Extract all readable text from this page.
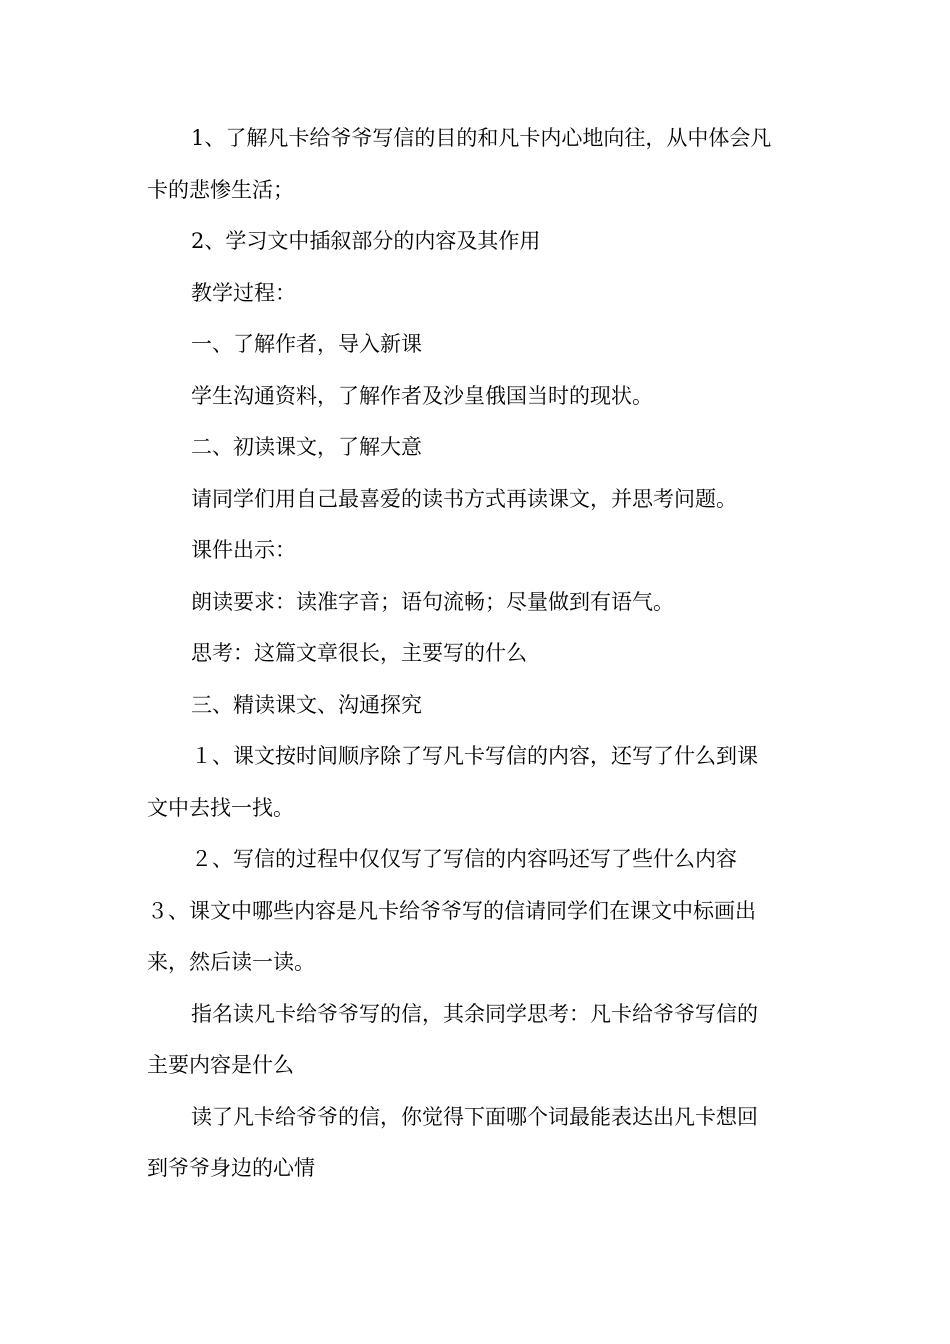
1、了解凡卡给爷爷写信的目的和凡卡内心地向往，从中体会凡

卡的悲惨生活；

2、学习文中插叙部分的内容及其作用

教学过程：

一、了解作者，导入新课

学生沟通资料，了解作者及沙皇俄国当时的现状。

二、初读课文，了解大意

请同学们用自己最喜爱的读书方式再读课文，并思考问题。

课件出示：

朗读要求：读准字音；语句流畅；尽量做到有语气。

思考：这篇文章很长，主要写的什么

三、精读课文、沟通探究

１、课文按时间顺序除了写凡卡写信的内容，还写了什么到课

文中去找一找。

２、写信的过程中仅仅写了写信的内容吗还写了些什么内容

３、课文中哪些内容是凡卡给爷爷写的信请同学们在课文中标画出

来，然后读一读。

指名读凡卡给爷爷写的信，其余同学思考：凡卡给爷爷写信的

主要内容是什么

读了凡卡给爷爷的信，你觉得下面哪个词最能表达出凡卡想回

到爷爷身边的心情
